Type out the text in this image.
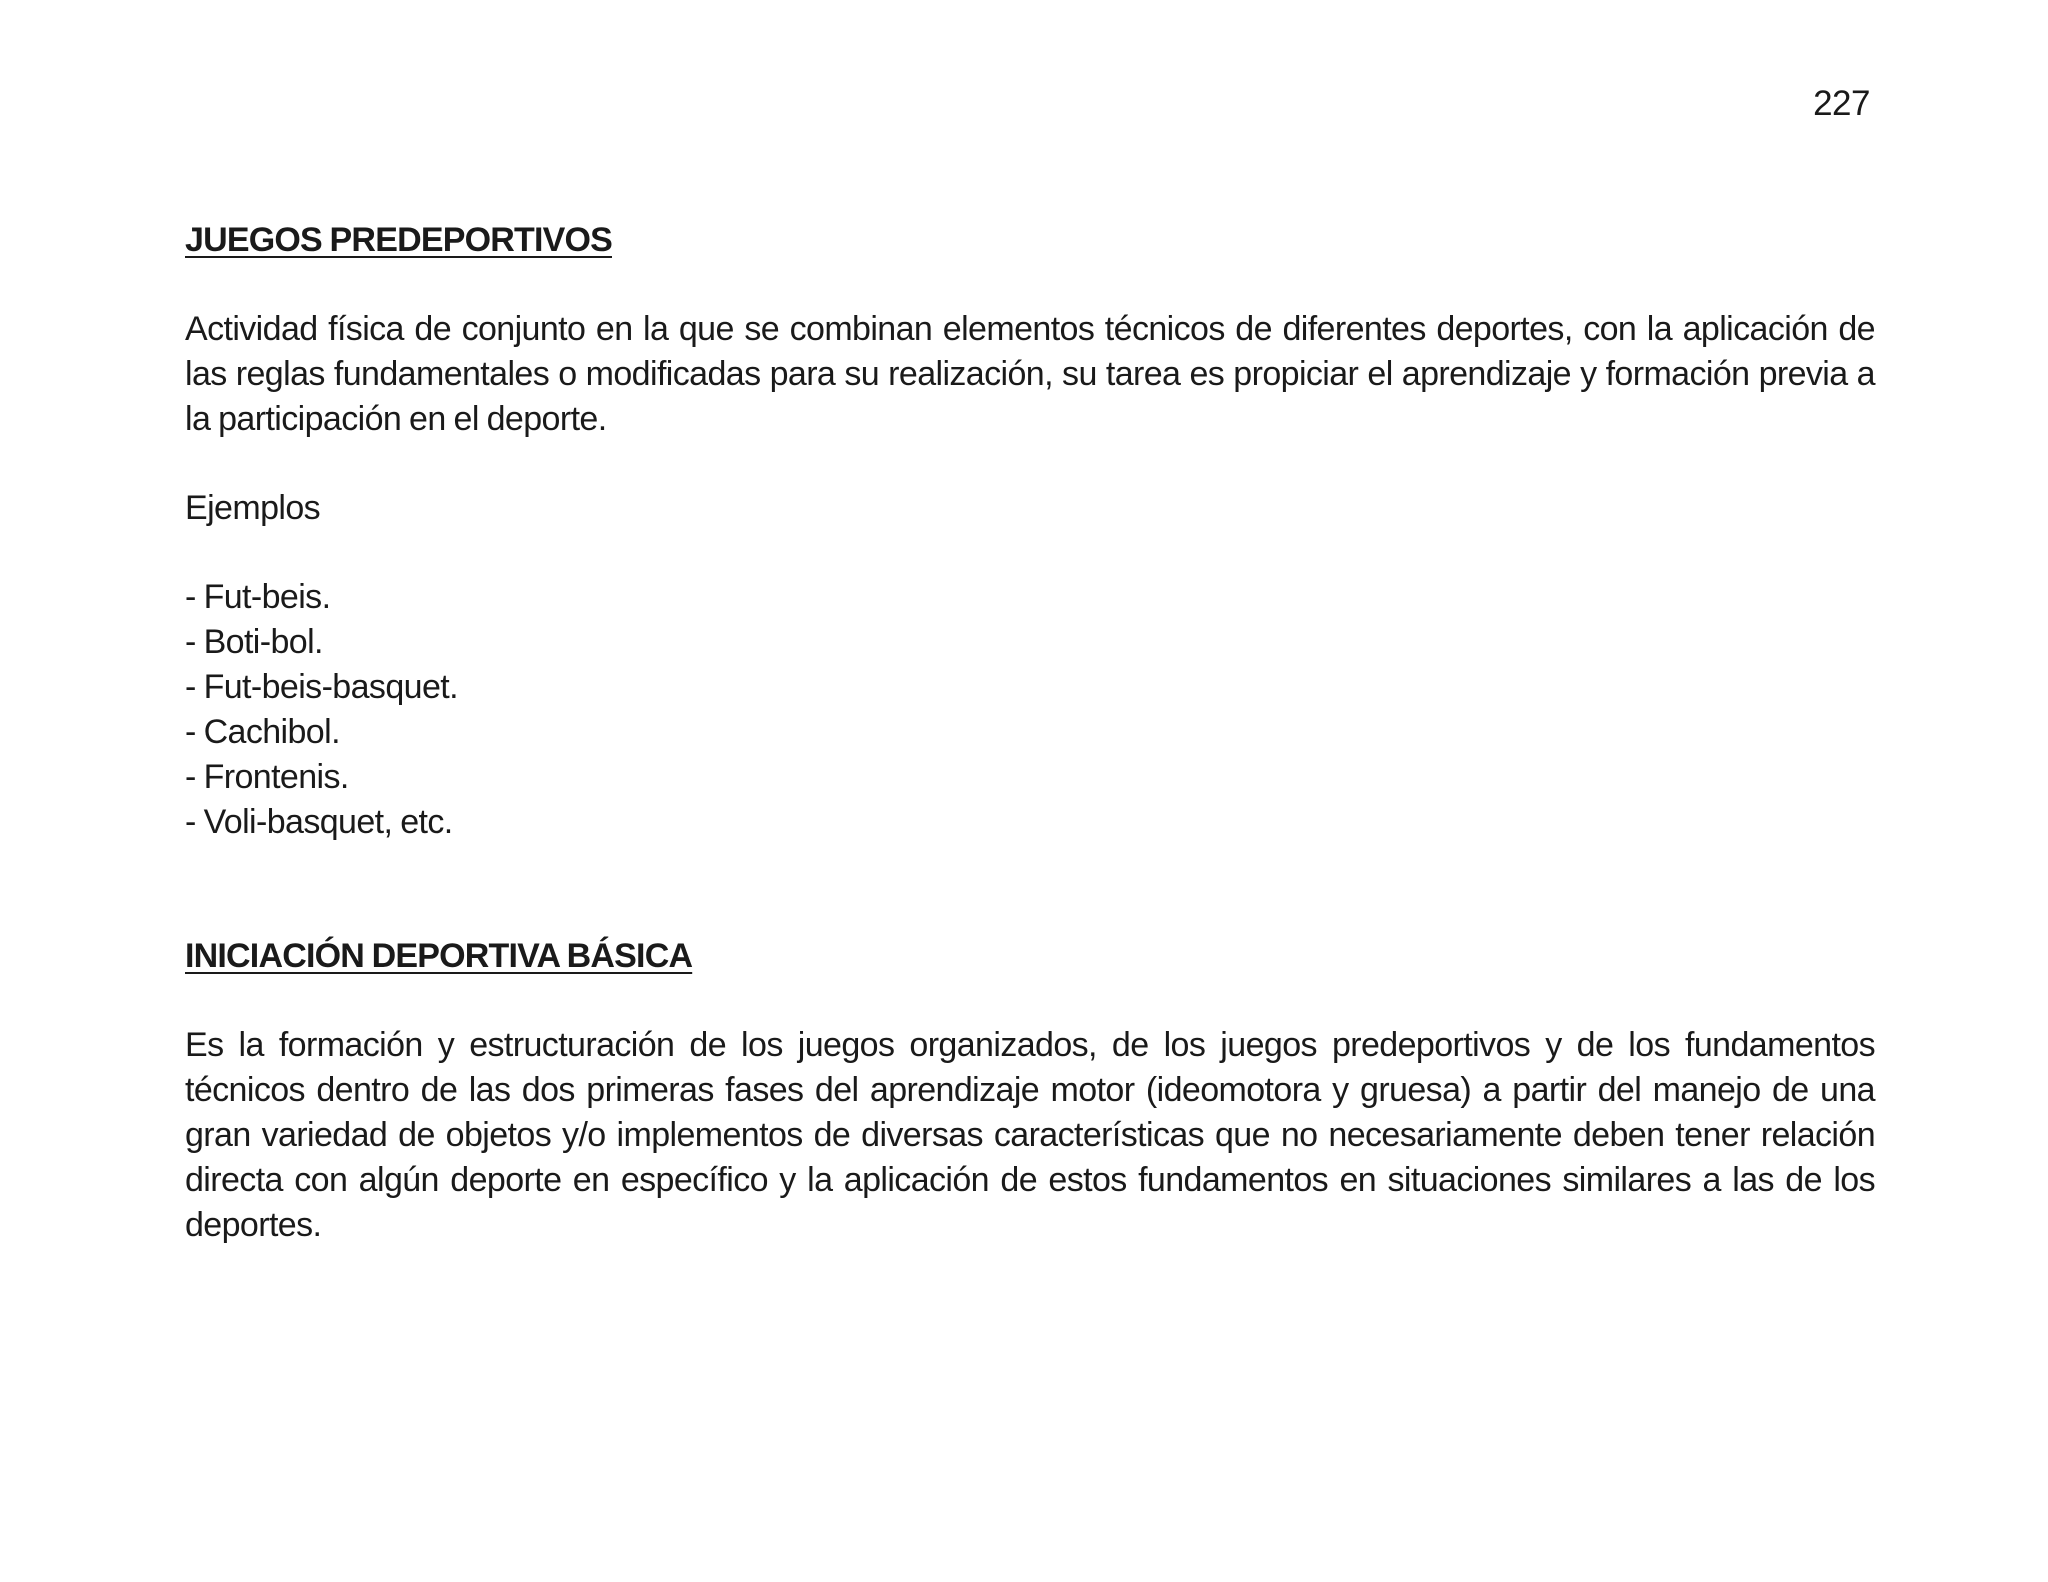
227
JUEGOS PREDEPORTIVOS

Actividad física de conjunto en la que se combinan elementos técnicos de diferentes deportes, con la aplicación de las reglas fundamentales o modificadas para su realización, su tarea es propiciar el aprendizaje y formación previa a la participación en el deporte.

Ejemplos

- Fut-beis.
- Boti-bol.
- Fut-beis-basquet.
- Cachibol.
- Frontenis.
- Voli-basquet, etc.
INICIACIÓN DEPORTIVA BÁSICA

Es la formación y estructuración de los juegos organizados, de los juegos predeportivos y de los fundamentos técnicos dentro de las dos primeras fases del aprendizaje motor (ideomotora y gruesa) a partir del manejo de una gran variedad de objetos y/o implementos de diversas características que no necesariamente deben tener relación directa con algún deporte en específico y la aplicación de estos fundamentos en situaciones similares a las de los deportes.
